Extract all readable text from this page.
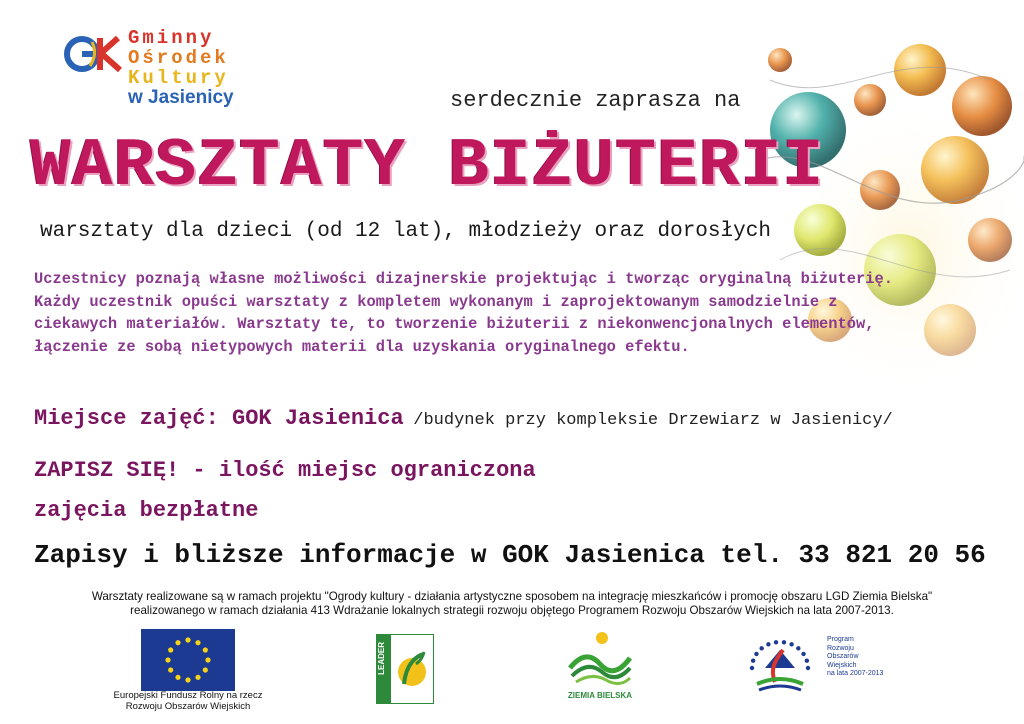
Gminny
Ośrodek
Kultury
w Jasienicy	serdecznie zaprasza na
WARSZTATY BIŻUTERII
warsztaty dla dzieci (od 12 lat), młodzieży oraz dorosłych
Uczestnicy poznają własne możliwości dizajnerskie projektując i tworząc oryginalną biżuterię.
Każdy uczestnik opuści warsztaty z kompletem wykonanym i zaprojektowanym samodzielnie z
ciekawych materiałów. Warsztaty te, to tworzenie biżuterii z niekonwencjonalnych elementów,
łączenie ze sobą nietypowych materii dla uzyskania oryginalnego efektu.
Miejsce zajęć: GOK Jasienica /budynek przy kompleksie Drzewiarz w Jasienicy/
ZAPISZ SIĘ! - ilość miejsc ograniczona
zajęcia bezpłatne
Zapisy i bliższe informacje w GOK Jasienica tel. 33 821 20 56
Warsztaty realizowane są w ramach projektu "Ogrody kultury - działania artystyczne sposobem na integrację mieszkańców i promocję obszaru LGD Ziemia Bielska"
realizowanego w ramach działania 413 Wdrażanie lokalnych strategii rozwoju objętego Programem Rozwoju Obszarów Wiejskich na lata 2007-2013.
Europejski Fundusz Rolny na rzecz
Rozwoju Obszarów Wiejskich
LEADER
ZIEMIA BIELSKA
Program
Rozwoju
Obszarów
Wiejskich
na lata 2007-2013
